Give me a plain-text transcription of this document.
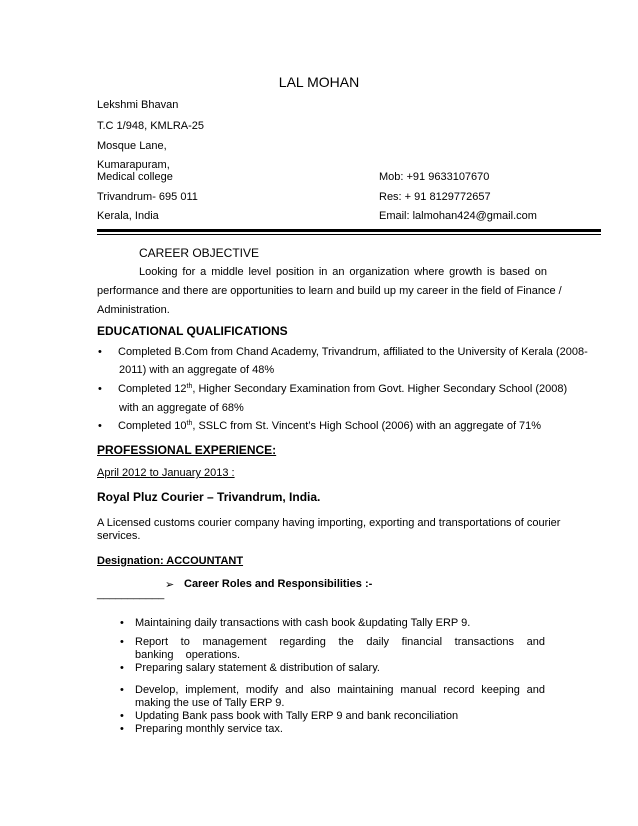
LAL MOHAN
Lekshmi Bhavan
T.C 1/948, KMLRA-25
Mosque Lane,
Kumarapuram,
Medical college
Trivandrum- 695 011
Kerala, India
Mob: +91 9633107670
Res: + 91 8129772657
Email: lalmohan424@gmail.com
CAREER OBJECTIVE
Looking for a middle level position in an organization where growth is based on
performance and there are opportunities to learn and build up my career in the field of Finance /
Administration.
EDUCATIONAL QUALIFICATIONS
• Completed B.Com from Chand Academy, Trivandrum, affiliated to the University of Kerala (2008-
2011) with an aggregate of 48%
• Completed 12th, Higher Secondary Examination from Govt. Higher Secondary School (2008)
with an aggregate of 68%
• Completed 10th, SSLC from St. Vincent’s High School (2006) with an aggregate of 71%
PROFESSIONAL EXPERIENCE:
April 2012 to January 2013 :
Royal Pluz Courier – Trivandrum, India.
A Licensed customs courier company having importing, exporting and transportations of courier
services.
Designation: ACCOUNTANT
➢ Career Roles and Responsibilities :-
___________
• Maintaining daily transactions with cash book &updating Tally ERP 9.
• Report to management regarding the daily financial transactions and banking operations.
• Preparing salary statement & distribution of salary.
• Develop, implement, modify and also maintaining manual record keeping and making the use of Tally ERP 9.
• Updating Bank pass book with Tally ERP 9 and bank reconciliation
• Preparing monthly service tax.
